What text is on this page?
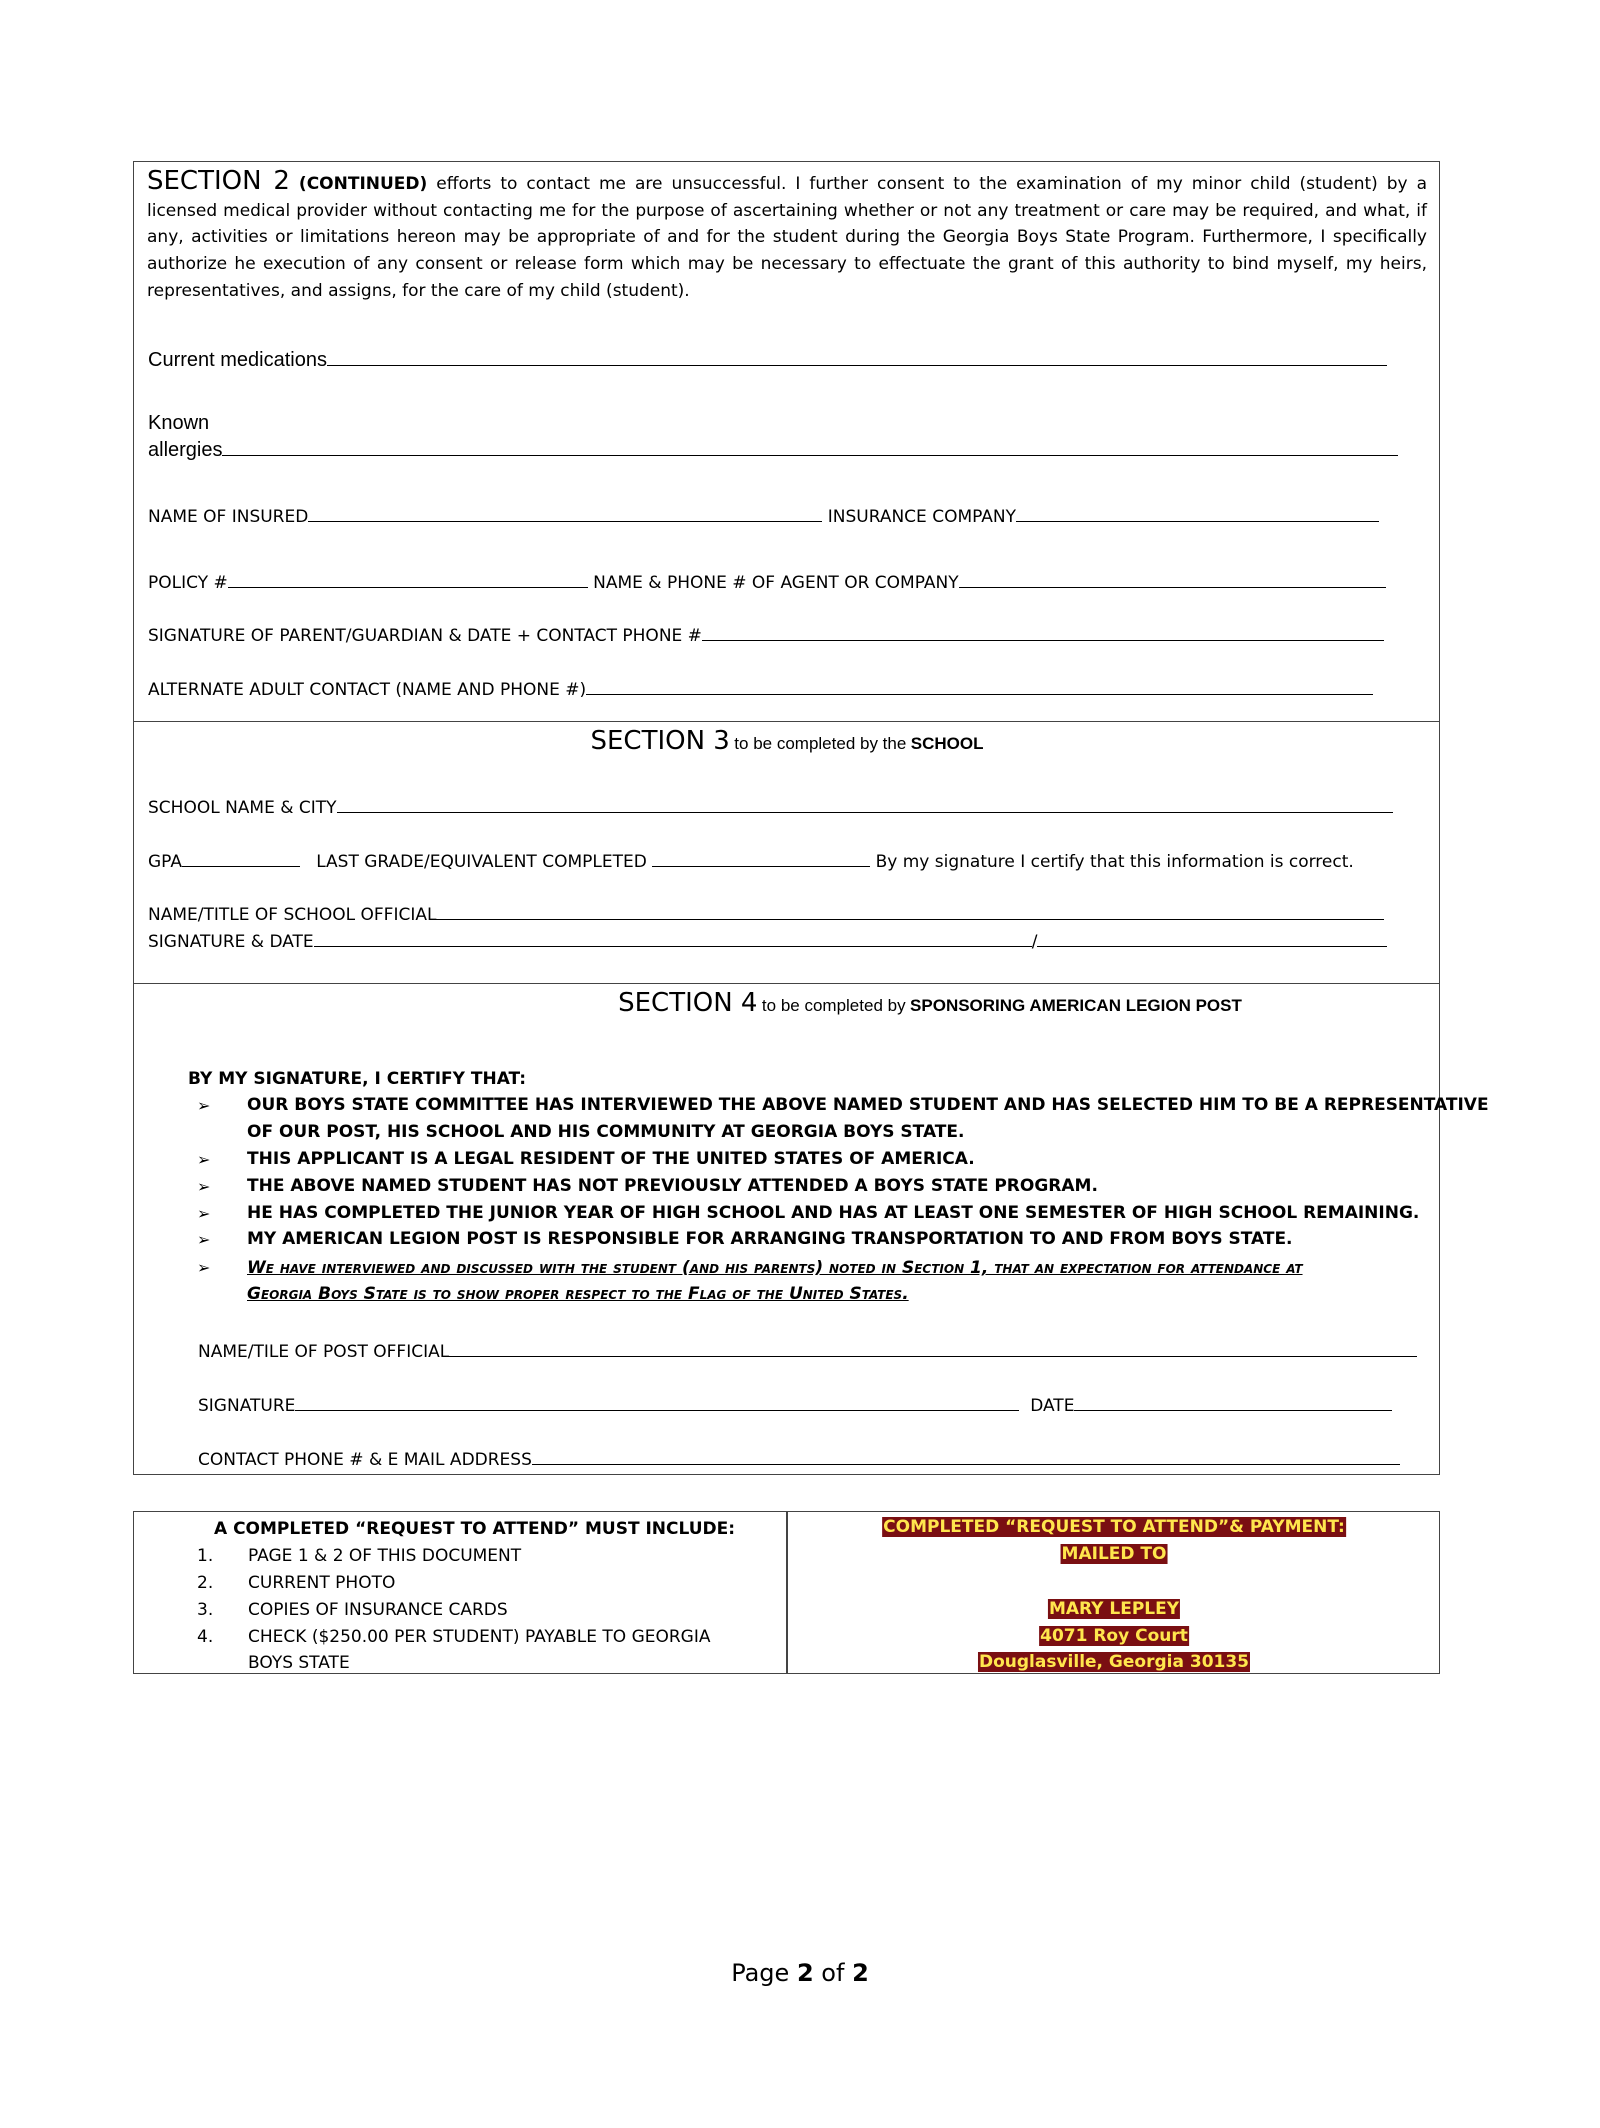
SECTION 2 (CONTINUED) efforts to contact me are unsuccessful. I further consent to the examination of my minor child (student) by a licensed medical provider without contacting me for the purpose of ascertaining whether or not any treatment or care may be required, and what, if any, activities or limitations hereon may be appropriate of and for the student during the Georgia Boys State Program. Furthermore, I specifically authorize he execution of any consent or release form which may be necessary to effectuate the grant of this authority to bind myself, my heirs, representatives, and assigns, for the care of my child (student).
Current medications
Known
allergies
NAME OF INSURED	INSURANCE COMPANY
POLICY #	NAME & PHONE # OF AGENT OR COMPANY
SIGNATURE OF PARENT/GUARDIAN & DATE + CONTACT PHONE #
ALTERNATE ADULT CONTACT (NAME AND PHONE #)
SECTION 3 to be completed by the SCHOOL
SCHOOL NAME & CITY
GPA	LAST GRADE/EQUIVALENT COMPLETED	By my signature I certify that this information is correct.
NAME/TITLE OF SCHOOL OFFICIAL
SIGNATURE & DATE	/
SECTION 4 to be completed by SPONSORING AMERICAN LEGION POST
BY MY SIGNATURE, I CERTIFY THAT:
➢ OUR BOYS STATE COMMITTEE HAS INTERVIEWED THE ABOVE NAMED STUDENT AND HAS SELECTED HIM TO BE A REPRESENTATIVE
OF OUR POST, HIS SCHOOL AND HIS COMMUNITY AT GEORGIA BOYS STATE.
➢ THIS APPLICANT IS A LEGAL RESIDENT OF THE UNITED STATES OF AMERICA.
➢ THE ABOVE NAMED STUDENT HAS NOT PREVIOUSLY ATTENDED A BOYS STATE PROGRAM.
➢ HE HAS COMPLETED THE JUNIOR YEAR OF HIGH SCHOOL AND HAS AT LEAST ONE SEMESTER OF HIGH SCHOOL REMAINING.
➢ MY AMERICAN LEGION POST IS RESPONSIBLE FOR ARRANGING TRANSPORTATION TO AND FROM BOYS STATE.
➢ We have interviewed and discussed with the student (and his parents) noted in Section 1, that an expectation for attendance at
Georgia Boys State is to show proper respect to the Flag of the United States.
NAME/TILE OF POST OFFICIAL
SIGNATURE	DATE
CONTACT PHONE # & E MAIL ADDRESS
A COMPLETED “REQUEST TO ATTEND” MUST INCLUDE:
1. PAGE 1 & 2 OF THIS DOCUMENT
2. CURRENT PHOTO
3. COPIES OF INSURANCE CARDS
4. CHECK ($250.00 PER STUDENT) PAYABLE TO GEORGIA
BOYS STATE
COMPLETED “REQUEST TO ATTEND”& PAYMENT:
MAILED TO
MARY LEPLEY
4071 Roy Court
Douglasville, Georgia 30135
Page 2 of 2
